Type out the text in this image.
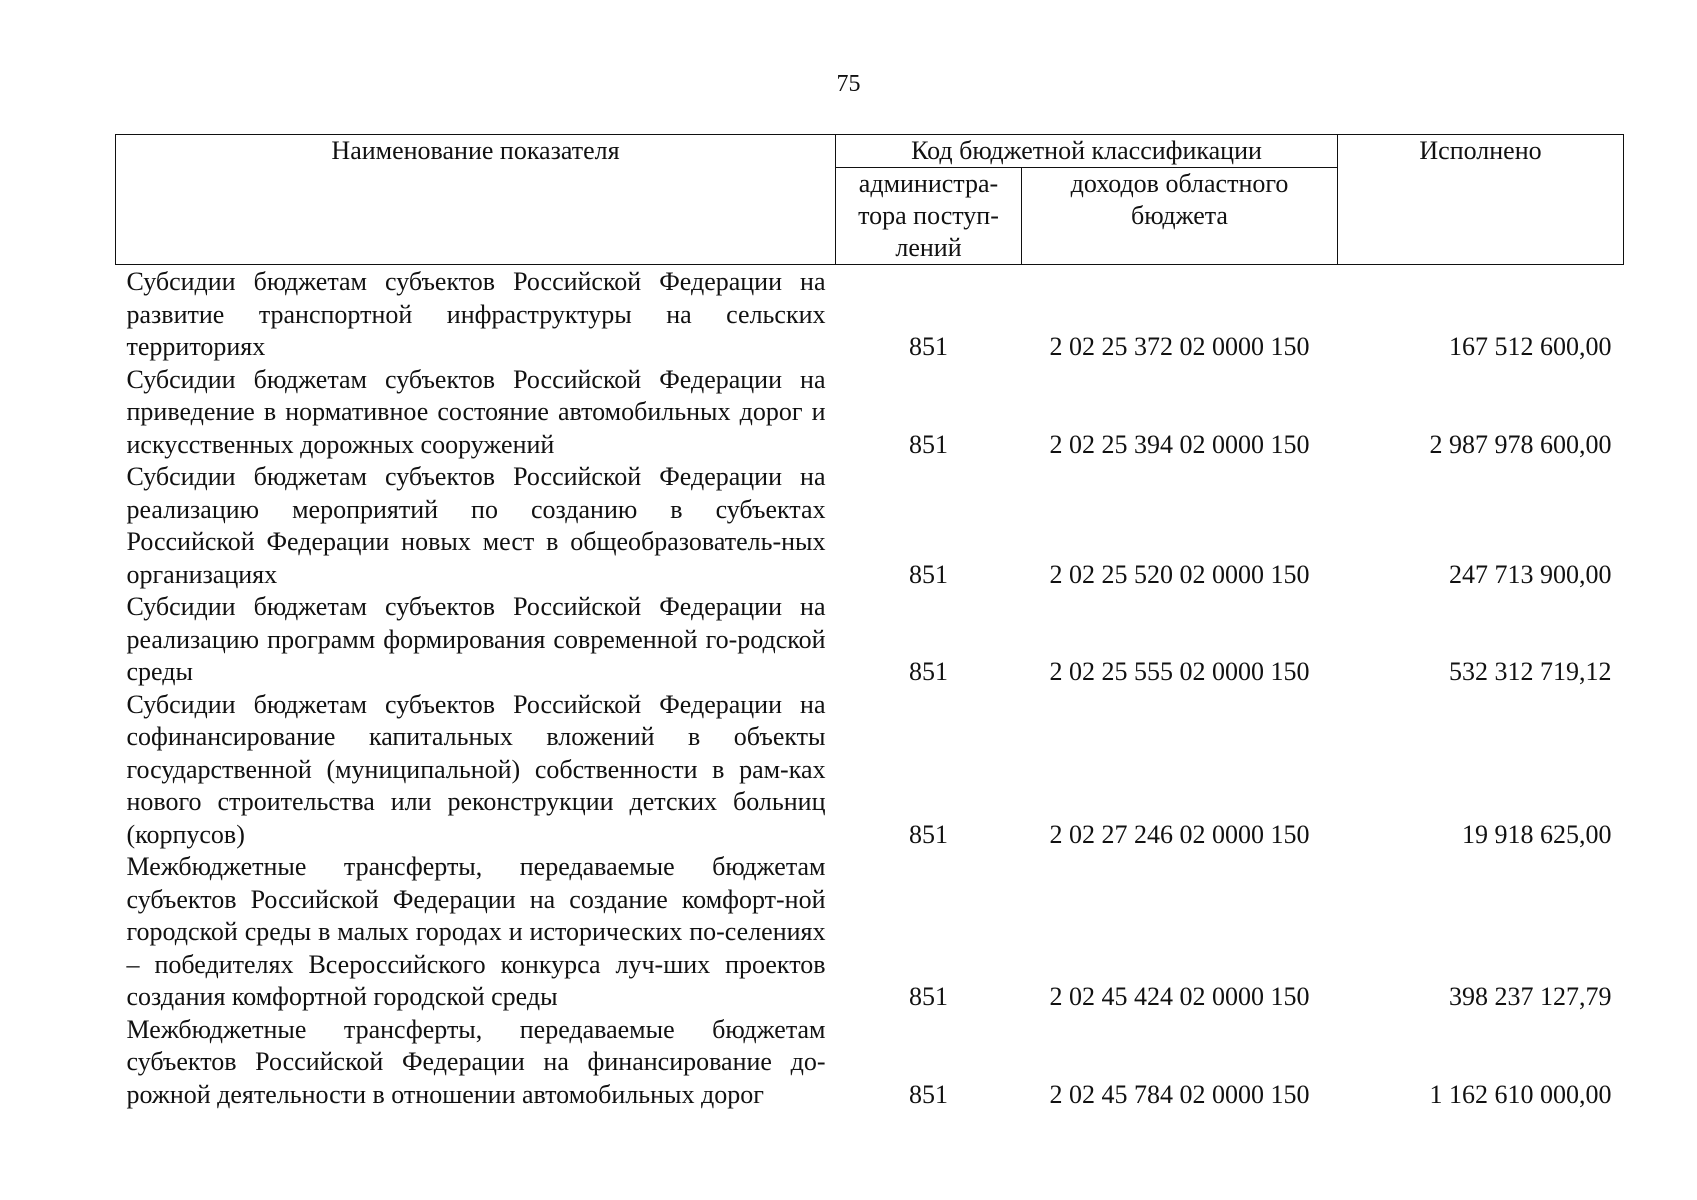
75
Наименование показателя	Код бюджетной классификации		Исполнено
	администра-тора поступ-лений	доходов областного бюджета	
Субсидии бюджетам субъектов Российской Федерации на развитие транспортной инфраструктуры на сельских территориях	851	2 02 25 372 02 0000 150	167 512 600,00
Субсидии бюджетам субъектов Российской Федерации на приведение в нормативное состояние автомобильных дорог и искусственных дорожных сооружений	851	2 02 25 394 02 0000 150	2 987 978 600,00
Субсидии бюджетам субъектов Российской Федерации на реализацию мероприятий по созданию в субъектах Российской Федерации новых мест в общеобразователь-ных организациях	851	2 02 25 520 02 0000 150	247 713 900,00
Субсидии бюджетам субъектов Российской Федерации на реализацию программ формирования современной го-родской среды	851	2 02 25 555 02 0000 150	532 312 719,12
Субсидии бюджетам субъектов Российской Федерации на софинансирование капитальных вложений в объекты государственной (муниципальной) собственности в рам-ках нового строительства или реконструкции детских больниц (корпусов)	851	2 02 27 246 02 0000 150	19 918 625,00
Межбюджетные трансферты, передаваемые бюджетам субъектов Российской Федерации на создание комфорт-ной городской среды в малых городах и исторических по-селениях – победителях Всероссийского конкурса луч-ших проектов создания комфортной городской среды	851	2 02 45 424 02 0000 150	398 237 127,79
Межбюджетные трансферты, передаваемые бюджетам субъектов Российской Федерации на финансирование до-рожной деятельности в отношении автомобильных дорог	851	2 02 45 784 02 0000 150	1 162 610 000,00
